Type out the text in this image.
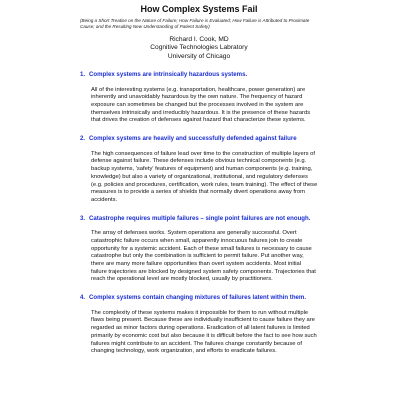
How Complex Systems Fail
(Being a Short Treatise on the Nature of Failure; How Failure is Evaluated; How Failure is Attributed to Proximate Cause; and the Resulting New Understanding of Patient Safety)
Richard I. Cook, MD
Cognitive Technologies Labratory
University of Chicago
1. Complex systems are intrinsically hazardous systems.
All of the interesting systems (e.g. transportation, healthcare, power generation) are inherently and unavoidably hazardous by the own nature. The frequency of hazard exposure can sometimes be changed but the processes involved in the system are themselves intrinsically and irreducibly hazardous. It is the presence of these hazards that drives the creation of defenses against hazard that characterize these systems.
2. Complex systems are heavily and successfully defended against failure
The high consequences of failure lead over time to the construction of multiple layers of defense against failure. These defenses include obvious technical components (e.g. backup systems, 'safety' features of equipment) and human components (e.g. training, knowledge) but also a variety of organizational, institutional, and regulatory defenses (e.g. policies and procedures, certification, work rules, team training). The effect of these measures is to provide a series of shields that normally divert operations away from accidents.
3. Catastrophe requires multiple failures – single point failures are not enough.
The array of defenses works. System operations are generally successful. Overt catastrophic failure occurs when small, apparently innocuous failures join to create opportunity for a systemic accident. Each of these small failures is necessary to cause catastrophe but only the combination is sufficient to permit failure. Put another way, there are many more failure opportunities than overt system accidents. Most initial failure trajectories are blocked by designed system safety components. Trajectories that reach the operational level are mostly blocked, usually by practitioners.
4. Complex systems contain changing mixtures of failures latent within them.
The complexity of these systems makes it impossible for them to run without multiple flaws being present. Because these are individually insufficient to cause failure they are regarded as minor factors during operations. Eradication of all latent failures is limited primarily by economic cost but also because it is difficult before the fact to see how such failures might contribute to an accident. The failures change constantly because of changing technology, work organization, and efforts to eradicate failures.
